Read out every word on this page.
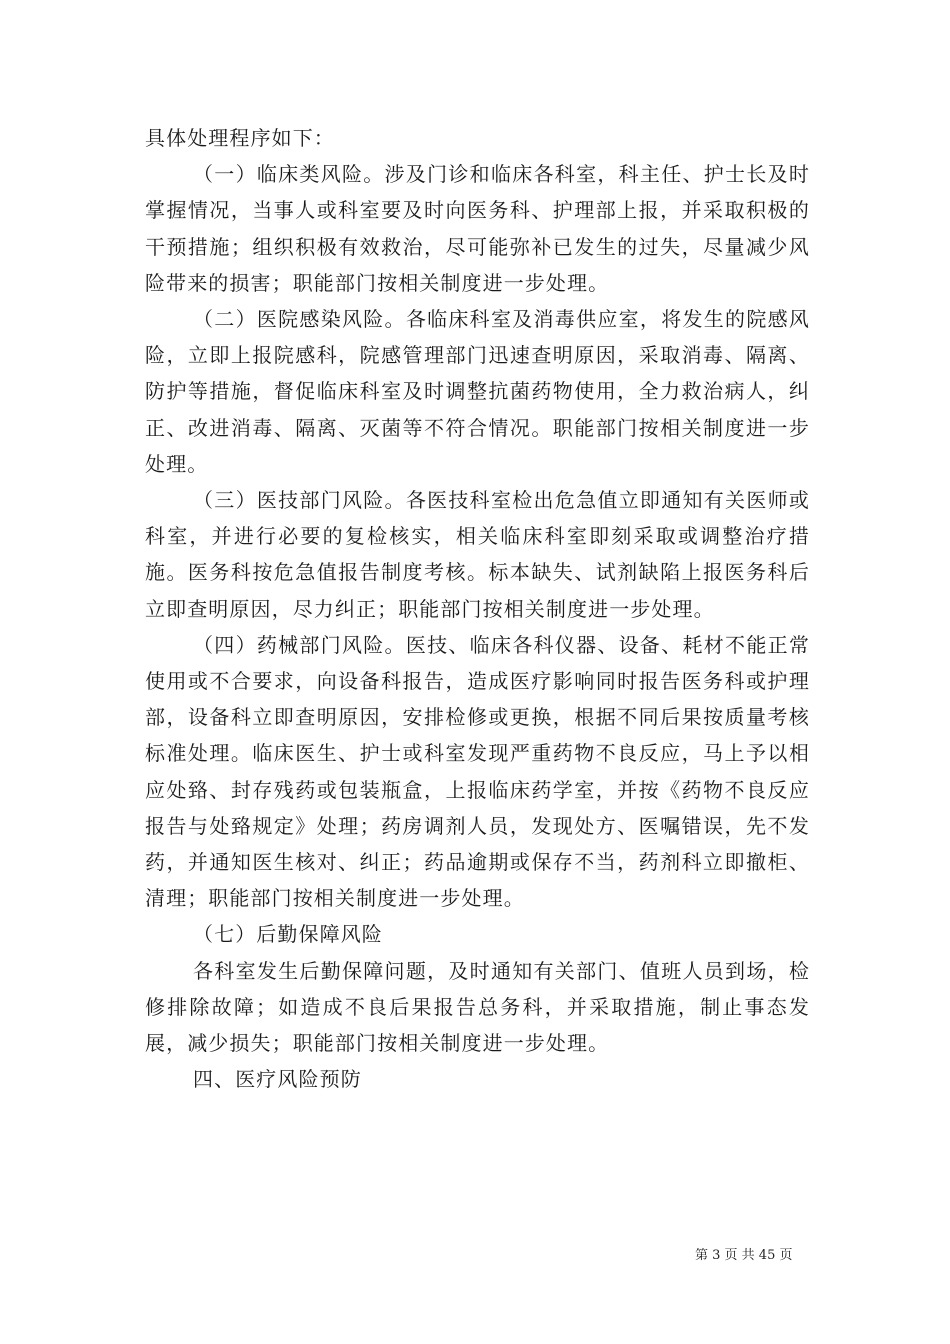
具体处理程序如下：

（一）临床类风险。涉及门诊和临床各科室，科主任、护士长及时掌握情况，当事人或科室要及时向医务科、护理部上报，并采取积极的干预措施；组织积极有效救治，尽可能弥补已发生的过失，尽量减少风险带来的损害；职能部门按相关制度进一步处理。

（二）医院感染风险。各临床科室及消毒供应室，将发生的院感风险，立即上报院感科，院感管理部门迅速查明原因，采取消毒、隔离、防护等措施，督促临床科室及时调整抗菌药物使用，全力救治病人，纠正、改进消毒、隔离、灭菌等不符合情况。职能部门按相关制度进一步处理。

（三）医技部门风险。各医技科室检出危急值立即通知有关医师或科室，并进行必要的复检核实，相关临床科室即刻采取或调整治疗措施。医务科按危急值报告制度考核。标本缺失、试剂缺陷上报医务科后立即查明原因，尽力纠正；职能部门按相关制度进一步处理。

（四）药械部门风险。医技、临床各科仪器、设备、耗材不能正常使用或不合要求，向设备科报告，造成医疗影响同时报告医务科或护理部，设备科立即查明原因，安排检修或更换，根据不同后果按质量考核标准处理。临床医生、护士或科室发现严重药物不良反应，马上予以相应处臵、封存残药或包装瓶盒，上报临床药学室，并按《药物不良反应报告与处臵规定》处理；药房调剂人员，发现处方、医嘱错误，先不发药，并通知医生核对、纠正；药品逾期或保存不当，药剂科立即撤柜、清理；职能部门按相关制度进一步处理。

（七）后勤保障风险

各科室发生后勤保障问题，及时通知有关部门、值班人员到场，检修排除故障；如造成不良后果报告总务科，并采取措施，制止事态发展，减少损失；职能部门按相关制度进一步处理。

四、医疗风险预防

第 3 页 共 45 页
